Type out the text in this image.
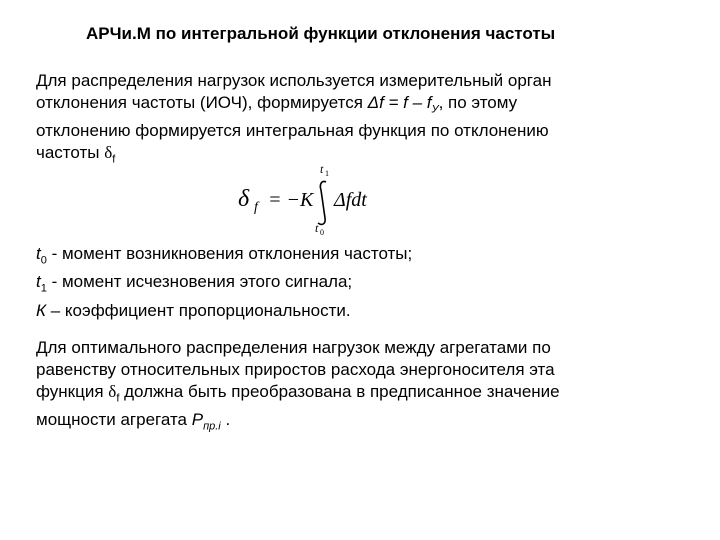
АРЧи.М по интегральной функции отклонения частоты
Для распределения нагрузок используется измерительный орган
отклонения частоты (ИОЧ), формируется $\Delta f = f - f_У$, по этому
отклонению формируется интегральная функция по отклонению
частоты $\delta_f$
t 1
δ f = −K Δfdt
t 0
$t_0$ - момент возникновения отклонения частоты;
$t_1$ - момент исчезновения этого сигнала;
К – коэффициент пропорциональности.
Для оптимального распределения нагрузок между агрегатами по
равенству относительных приростов расхода энергоносителя эта
функция $\delta_f$ должна быть преобразована в предписанное значение
мощности агрегата $P_{пр.i}$ .
